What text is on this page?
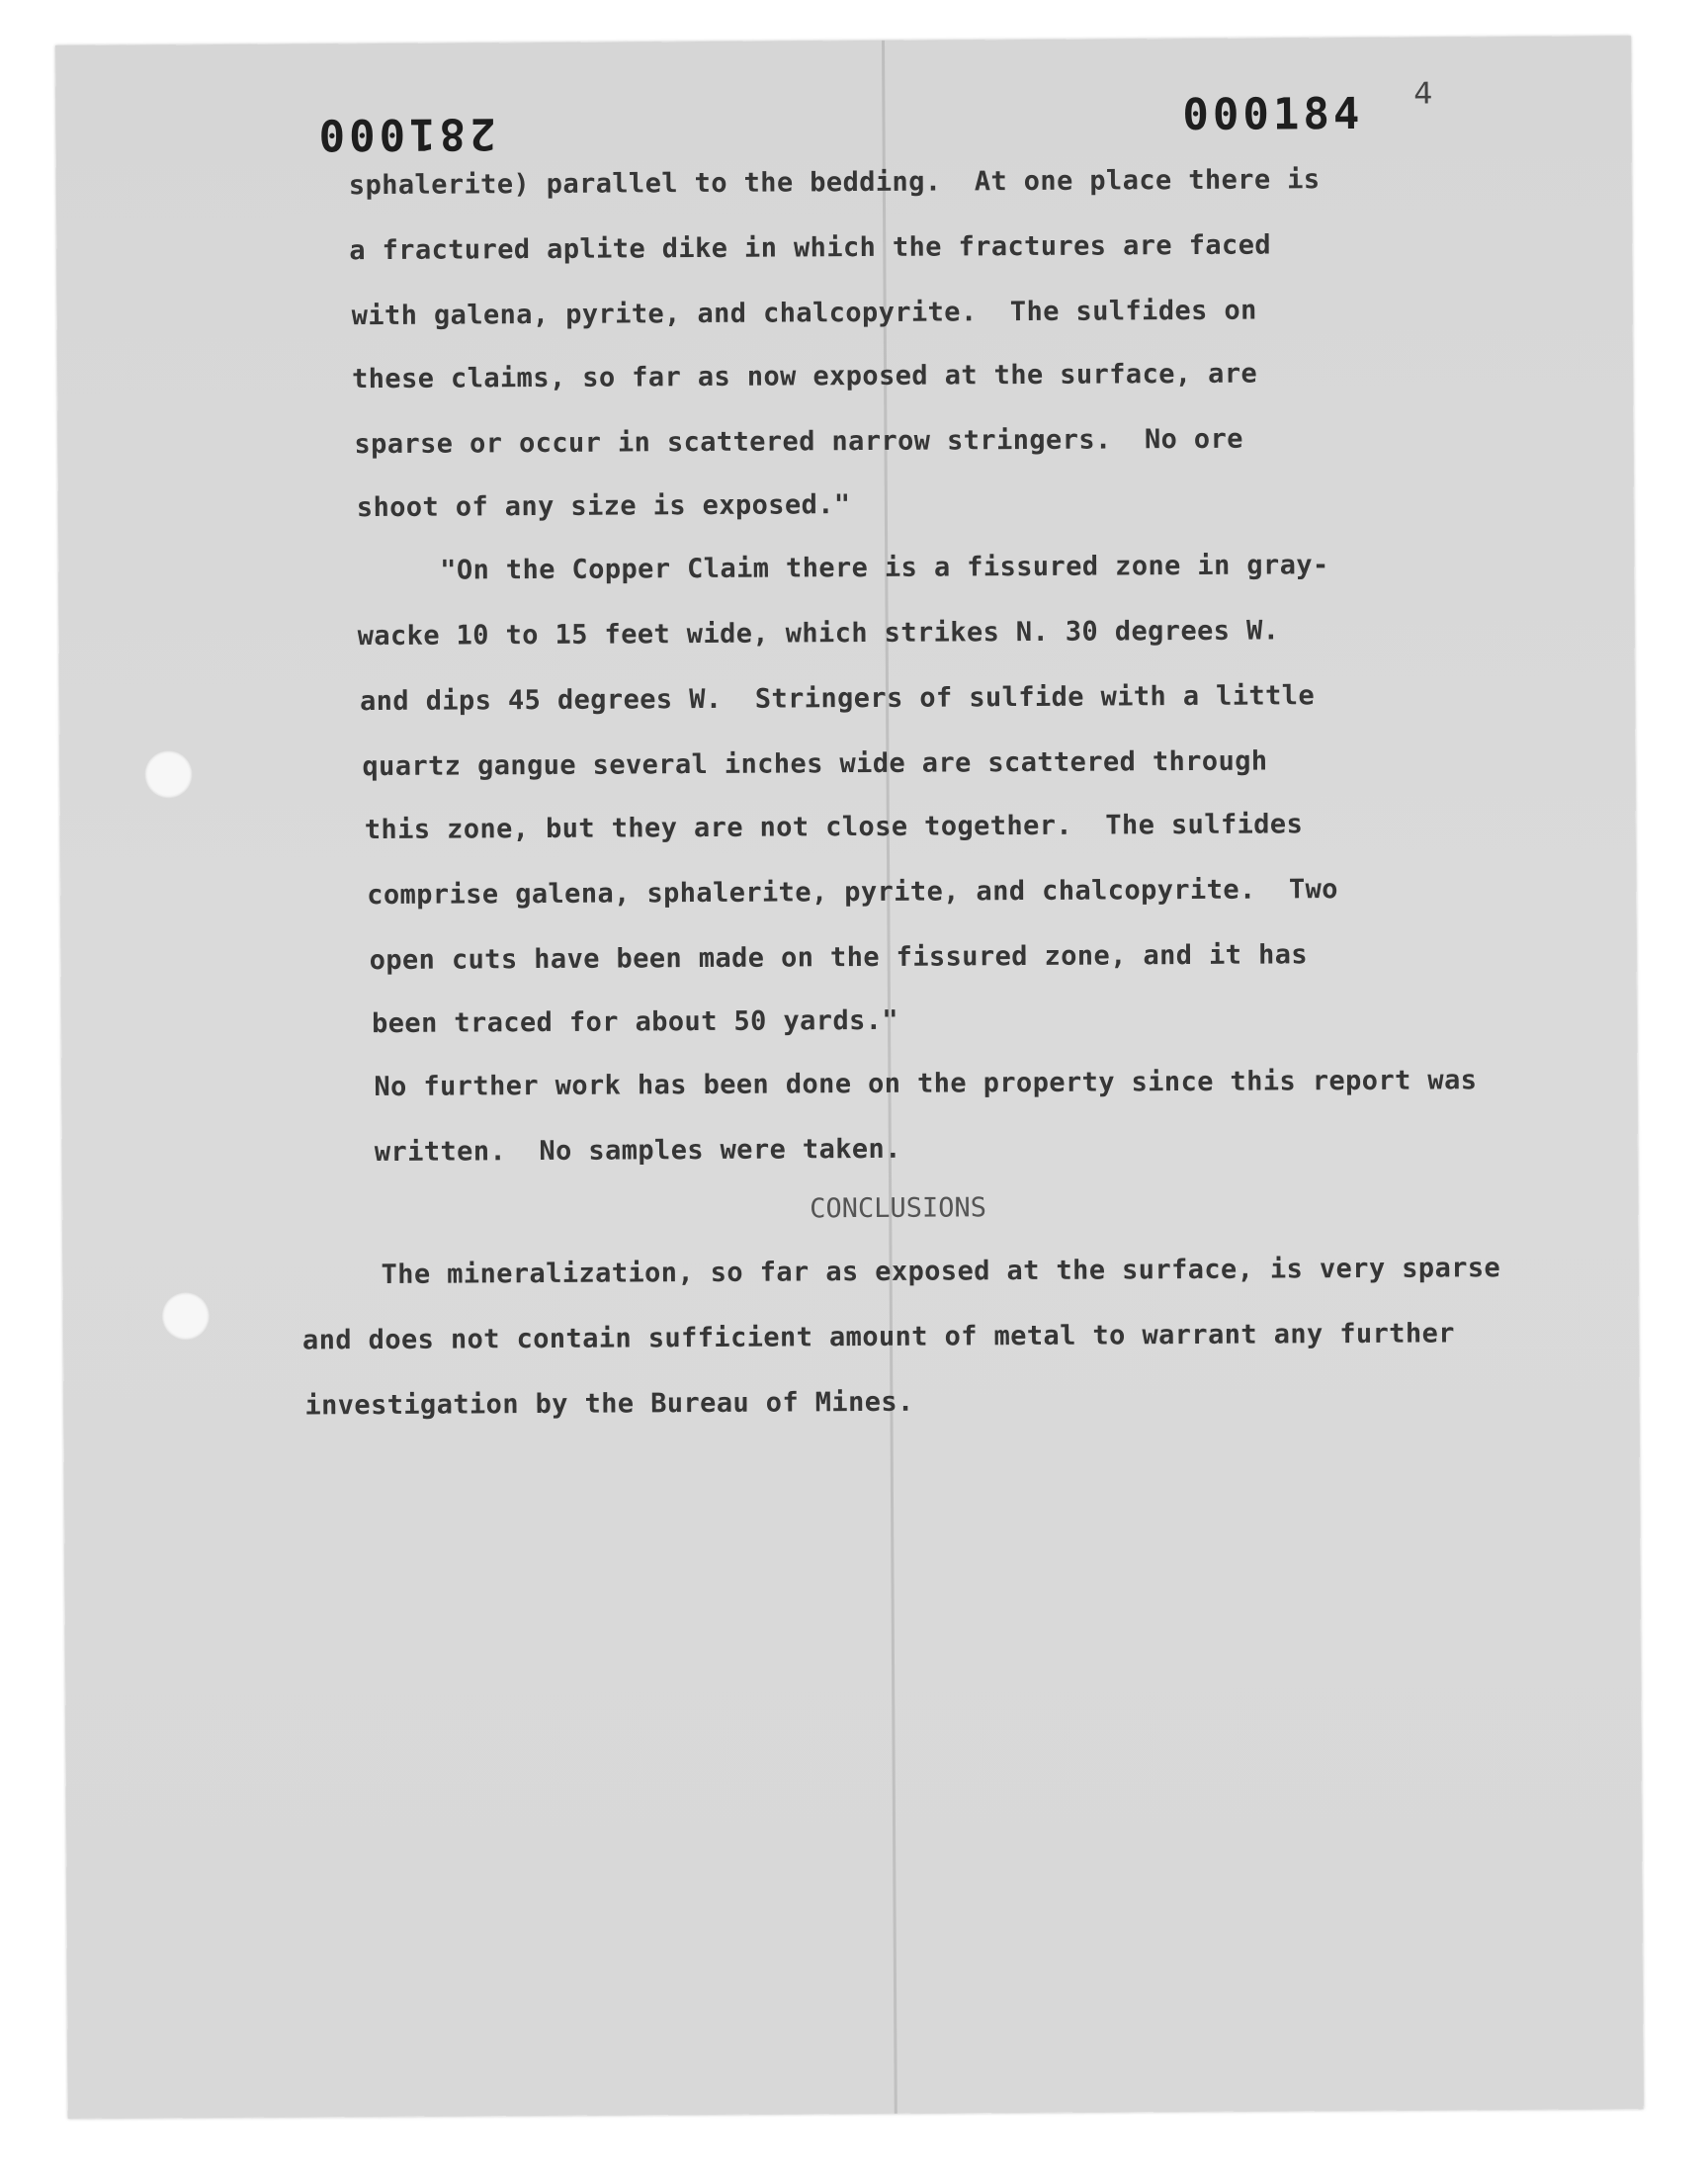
281000	000184 4
sphalerite) parallel to the bedding.  At one place there is
a fractured aplite dike in which the fractures are faced
with galena, pyrite, and chalcopyrite.  The sulfides on
these claims, so far as now exposed at the surface, are
sparse or occur in scattered narrow stringers.  No ore
shoot of any size is exposed."
"On the Copper Claim there is a fissured zone in gray-
wacke 10 to 15 feet wide, which strikes N. 30 degrees W.
and dips 45 degrees W.  Stringers of sulfide with a little
quartz gangue several inches wide are scattered through
this zone, but they are not close together.  The sulfides
comprise galena, sphalerite, pyrite, and chalcopyrite.  Two
open cuts have been made on the fissured zone, and it has
been traced for about 50 yards."
No further work has been done on the property since this report was
written.  No samples were taken.
CONCLUSIONS
The mineralization, so far as exposed at the surface, is very sparse
and does not contain sufficient amount of metal to warrant any further
investigation by the Bureau of Mines.
